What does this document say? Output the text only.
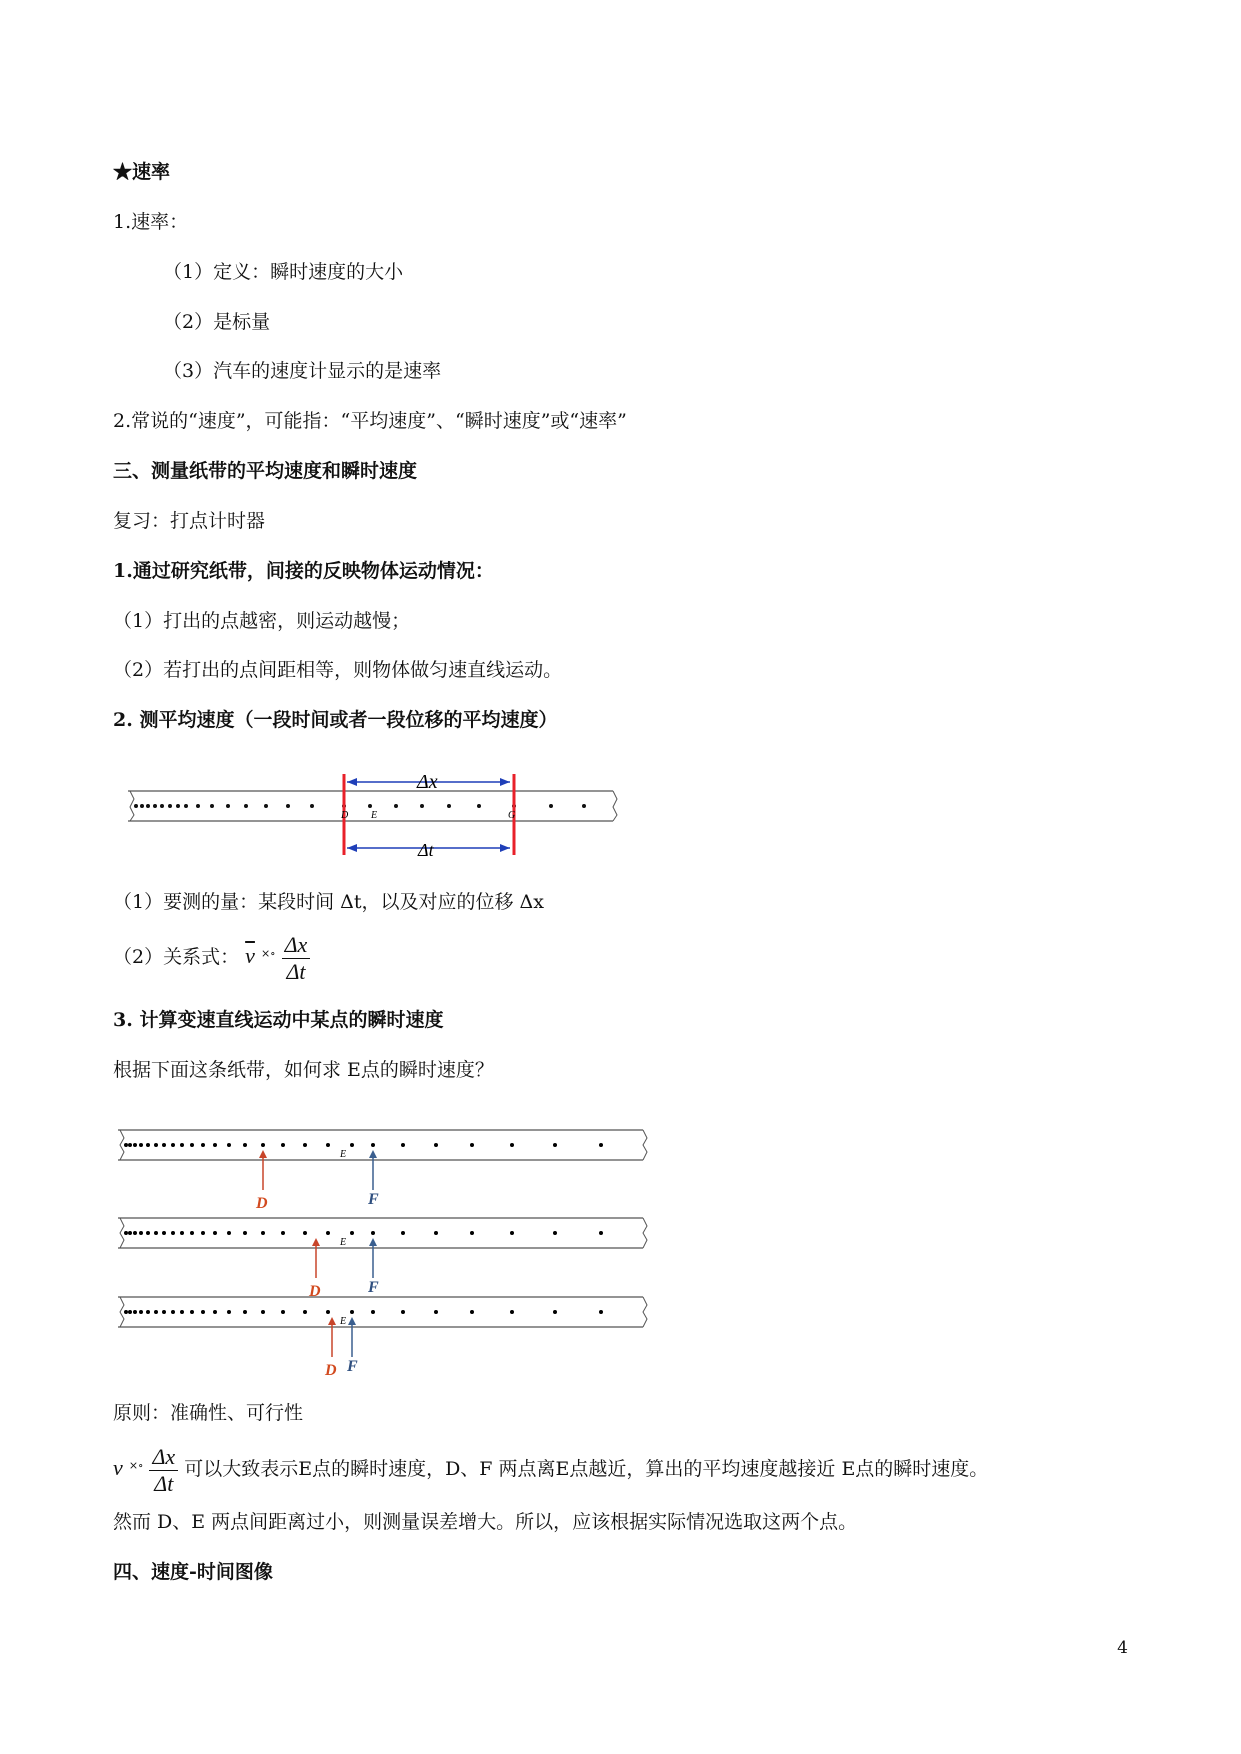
★速率
1.速率：
（1）定义：瞬时速度的大小
（2）是标量
（3）汽车的速度计显示的是速率
2.常说的“速度”，可能指：“平均速度”、“瞬时速度”或“速率”
三、测量纸带的平均速度和瞬时速度
复习：打点计时器
1.通过研究纸带，间接的反映物体运动情况：
（1）打出的点越密，则运动越慢；
（2）若打出的点间距相等，则物体做匀速直线运动。
2. 测平均速度（一段时间或者一段位移的平均速度）
Δx
Δt
D E	G
（1）要测的量：某段时间 Δt，以及对应的位移 Δx
（2）关系式： $\overline{v}$ $^{\times\circ} \frac{\Delta x}{\Delta t}$
3. 计算变速直线运动中某点的瞬时速度
根据下面这条纸带，如何求 E点的瞬时速度？
E
D	F
E
D	F
E
D F
原则：准确性、可行性
v $^{\times\circ} \frac{\Delta x}{\Delta t}$ 可以大致表示E点的瞬时速度，D、F 两点离E点越近，算出的平均速度越接近 E点的瞬时速度。
然而 D、E 两点间距离过小，则测量误差增大。所以，应该根据实际情况选取这两个点。
四、速度-时间图像
4
